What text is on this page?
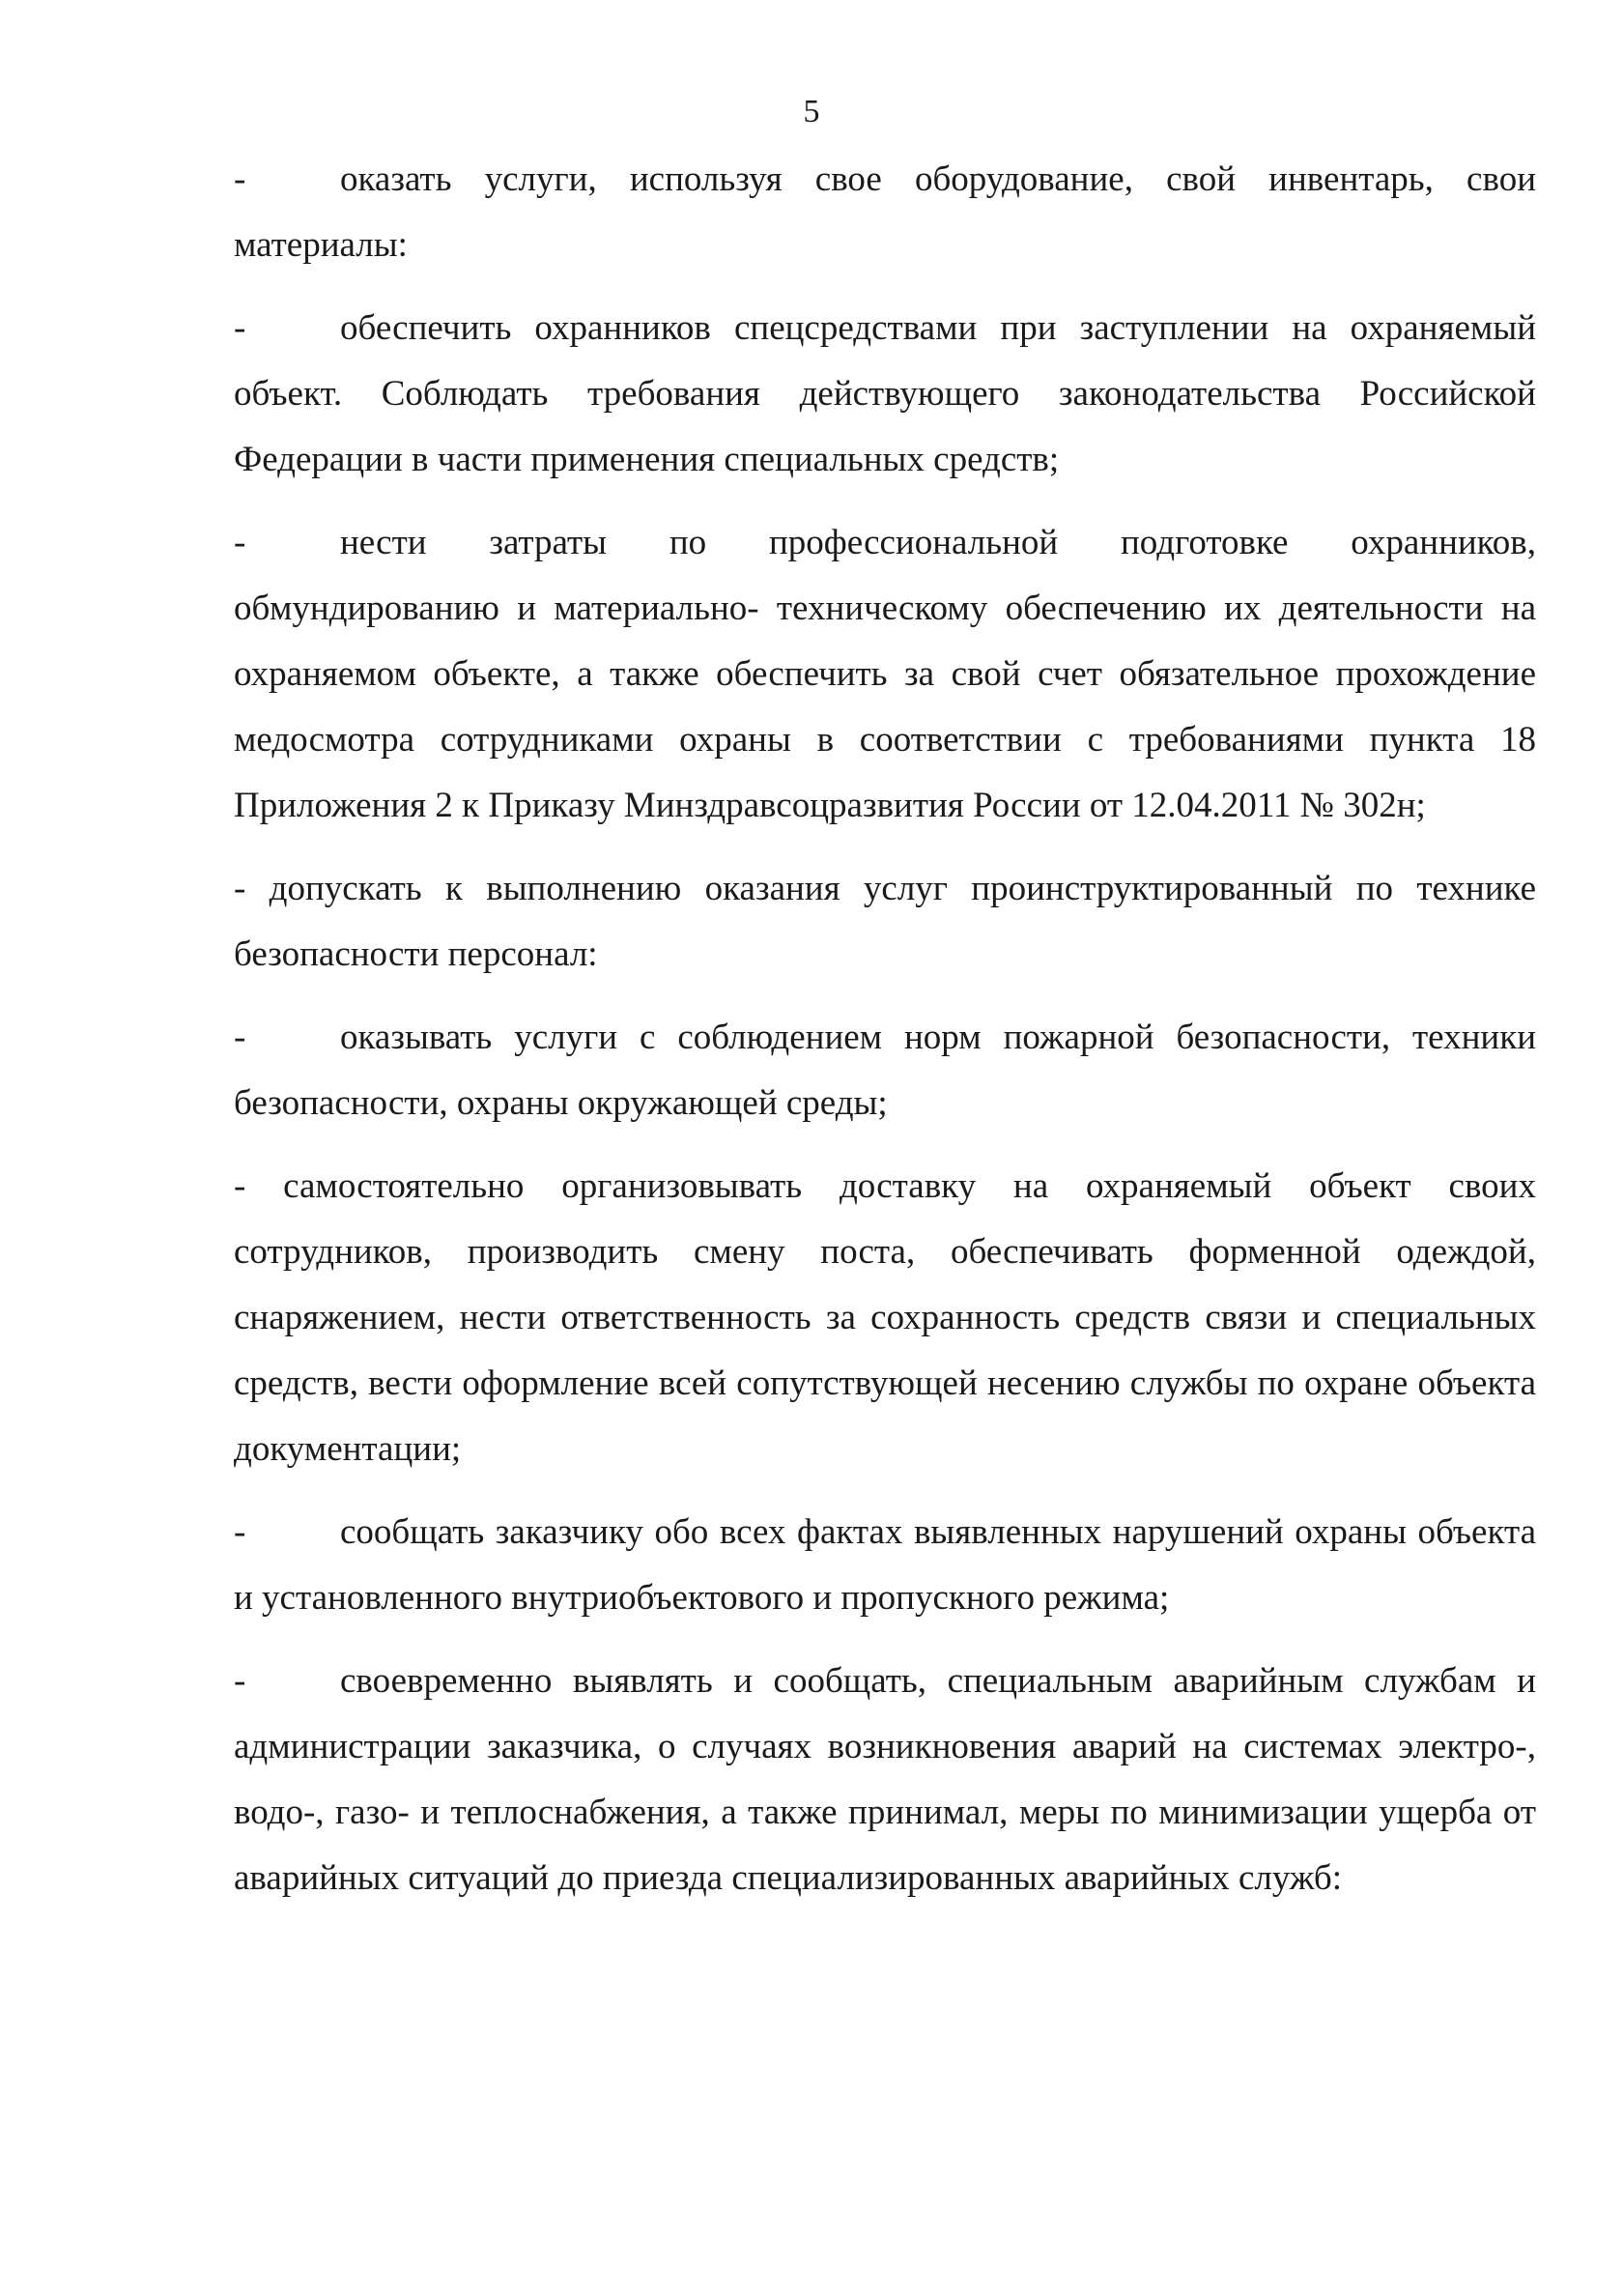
5

-	оказать услуги, используя свое оборудование, свой инвентарь, свои материалы:

-	обеспечить охранников спецсредствами при заступлении на охраняемый объект. Соблюдать требования действующего законодательства Российской Федерации в части применения специальных средств;

-	нести затраты по профессиональной подготовке охранников, обмундированию и материально- техническому обеспечению их деятельности на охраняемом объекте, а также обеспечить за свой счет обязательное прохождение медосмотра сотрудниками охраны в соответствии с требованиями пункта 18 Приложения 2 к Приказу Минздравсоцразвития России от 12.04.2011 № 302н;

- допускать к выполнению оказания услуг проинструктированный по технике безопасности персонал:

-	оказывать услуги с соблюдением норм пожарной безопасности, техники безопасности, охраны окружающей среды;

- самостоятельно организовывать доставку на охраняемый объект своих сотрудников, производить смену поста, обеспечивать форменной одеждой, снаряжением, нести ответственность за сохранность средств связи и специальных средств, вести оформление всей сопутствующей несению службы по охране объекта документации;

-	сообщать заказчику обо всех фактах выявленных нарушений охраны объекта и установленного внутриобъектового и пропускного режима;

-	своевременно выявлять и сообщать, специальным аварийным службам и администрации заказчика, о случаях возникновения аварий на системах электро-, водо-, газо- и теплоснабжения, а также принимал, меры по минимизации ущерба от аварийных ситуаций до приезда специализированных аварийных служб:
